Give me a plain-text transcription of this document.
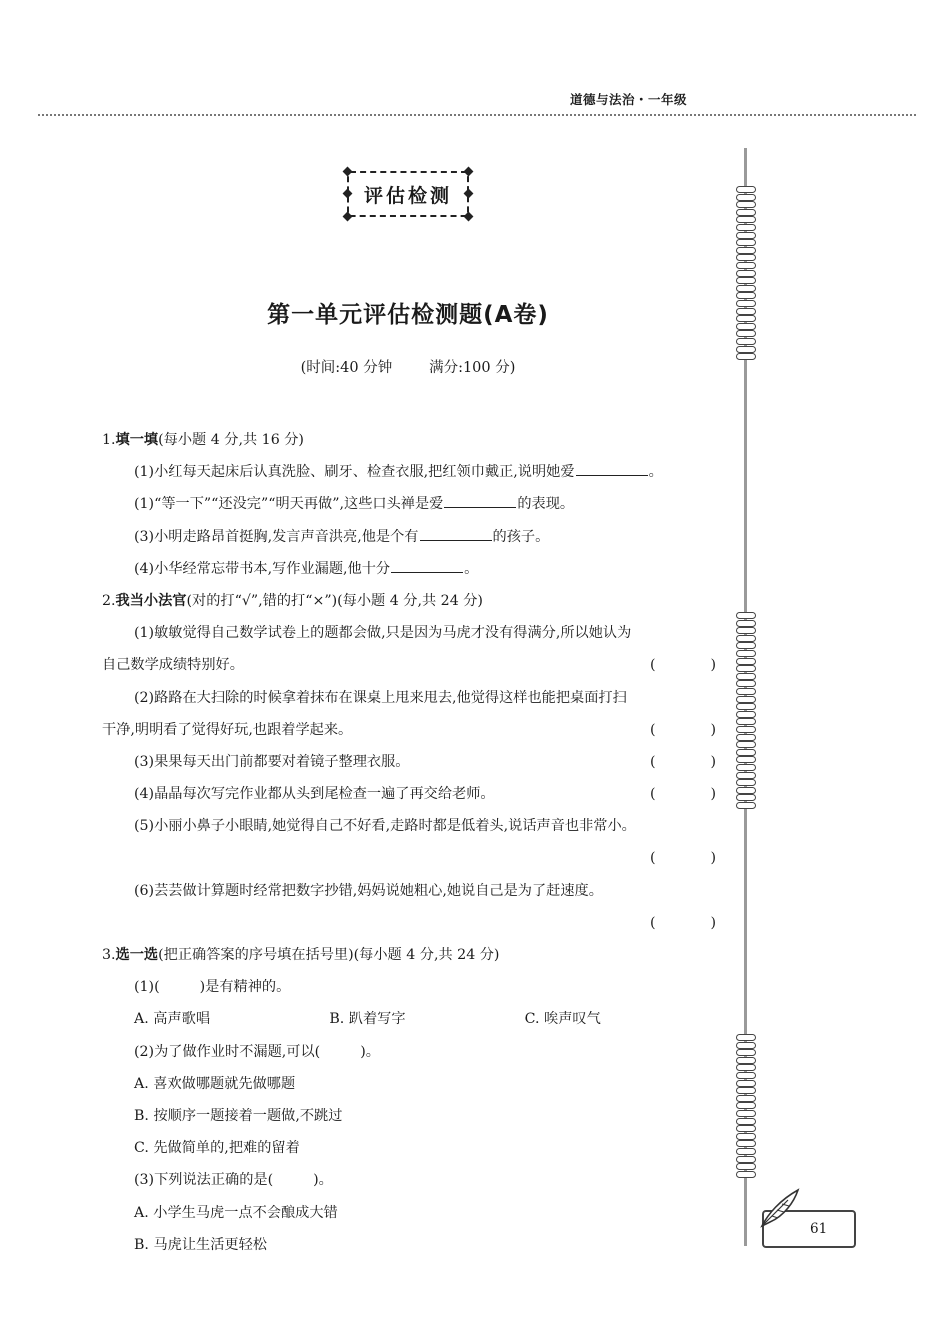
道德与法治・一年级
评估检测
第一单元评估检测题(A卷)
(时间:40 分钟        满分:100 分)
1.填一填(每小题 4 分,共 16 分)
(1)小红每天起床后认真洗脸、刷牙、检查衣服,把红领巾戴正,说明她爱	。
(1)“等一下”“还没完”“明天再做”,这些口头禅是爱	的表现。
(3)小明走路昂首挺胸,发言声音洪亮,他是个有	的孩子。
(4)小华经常忘带书本,写作业漏题,他十分	。
2.我当小法官(对的打“√”,错的打“×”)(每小题 4 分,共 24 分)
(1)敏敏觉得自己数学试卷上的题都会做,只是因为马虎才没有得满分,所以她认为
自己数学成绩特别好。	(	)
(2)路路在大扫除的时候拿着抹布在课桌上甩来甩去,他觉得这样也能把桌面打扫
干净,明明看了觉得好玩,也跟着学起来。	(	)
(3)果果每天出门前都要对着镜子整理衣服。	(	)
(4)晶晶每次写完作业都从头到尾检查一遍了再交给老师。	(	)
(5)小丽小鼻子小眼睛,她觉得自己不好看,走路时都是低着头,说话声音也非常小。
(	)
(6)芸芸做计算题时经常把数字抄错,妈妈说她粗心,她说自己是为了赶速度。
(	)
3.选一选(把正确答案的序号填在括号里)(每小题 4 分,共 24 分)
(1)(	)是有精神的。
A. 高声歌唱	B. 趴着写字	C. 唉声叹气
(2)为了做作业时不漏题,可以(	)。
A. 喜欢做哪题就先做哪题
B. 按顺序一题接着一题做,不跳过
C. 先做简单的,把难的留着
(3)下列说法正确的是(	)。
A. 小学生马虎一点不会酿成大错
B. 马虎让生活更轻松
61
